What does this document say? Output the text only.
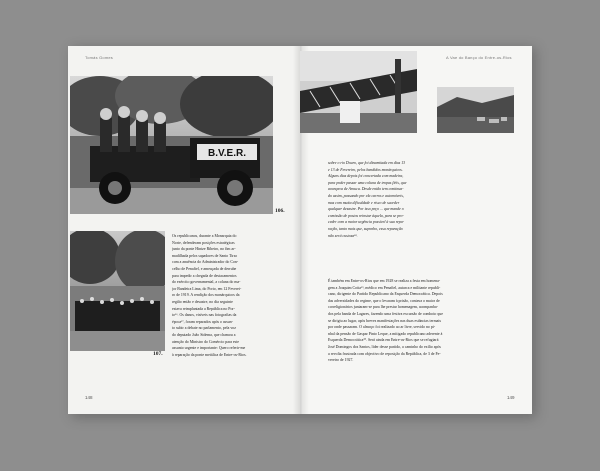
Tomás Gomes	A Vae do Banço do Entre-os-Rios
B.V.E.R.
106.
107.
Os republicanos, durante a Monarquia do
Norte, defenderam posições estratégicas
junto da ponte Hintze Ribeiro, no fim ar-
madilhada pelos sapadores de Santo Tirso
com a anuência do Administrador do Con-
celho de Penafiel, e ameaçada de derrube
para impedir a chegada de destacamentos
do exército governamental, a coluna do ma-
jor Bandeira Lima, do Porto, em 12 Feverei-
ro de 1919. A rendição dos monárquicos da
região então e desastre, no dia seguinte
estava reimplantada a República no Por-
to¹⁶. Os danos, visíveis nas fotografias da
época¹⁷, foram reparados após o assun-
to subir a debate no parlamento, pela voz
do deputado João Sidema, que chamou a
atenção do Ministro do Comércio para este
assunto urgente e importante: Quero referir-me
à reparação da ponte metálica de Entre-os-Rios.
sobre o rio Douro, que foi dinamitada em dias 13
e 13 de Fevereiro, pelos bandidos monárquicos.
Alguns dias depois foi concertada com madeira,
para poder passar uma coluna de tropas fiéis, que
avançava de Arouca. Desde então tem continua-
do assim, passando por ela carros e automóveis,
mas com muita dificuldade e risco de suceder
qualquer desastre. Por isso peço ... que mande o
comissão de postos reinstar àquela, para se pro-
ceder com a maior urgência possível à sua repa-
ração, tanto mais que, suponho, essa reparação
não será custosa¹⁸.
É também em Entre-os-Rios que em 1928 se realiza a festa em homena-
gem a Joaquim Cotta¹⁹, médico em Penafiel, autarca e militante republi-
cano, dirigente do Partido Republicano da Esquerda Democrática. Depois
das adversidades do regime, que o levaram à prisão, contava o maior de
correligionários juntaram-se para lhe prestar homenagem, acompanha-
dos pela banda de Lagares, fazendo uma festiva excursão de comboio que
se dirigiu ao lugar, após breves manifestações nas duas estâncias termais
por onde passaram. O almoço foi realizado ao ar livre, servido no pi-
nhal da pensão de Gaspar Pinto Leque, a mitigado republicano aderente à
Esquerda Democrática²⁰. Será ainda em Entre-os-Rios que se refugiará
José Domingos dos Santos, líder desse partido, a caminho do exílio após
a revolta frustrada com objectivo de reposição da República, de 3 de Fe-
vereiro de 1927.
148	149
